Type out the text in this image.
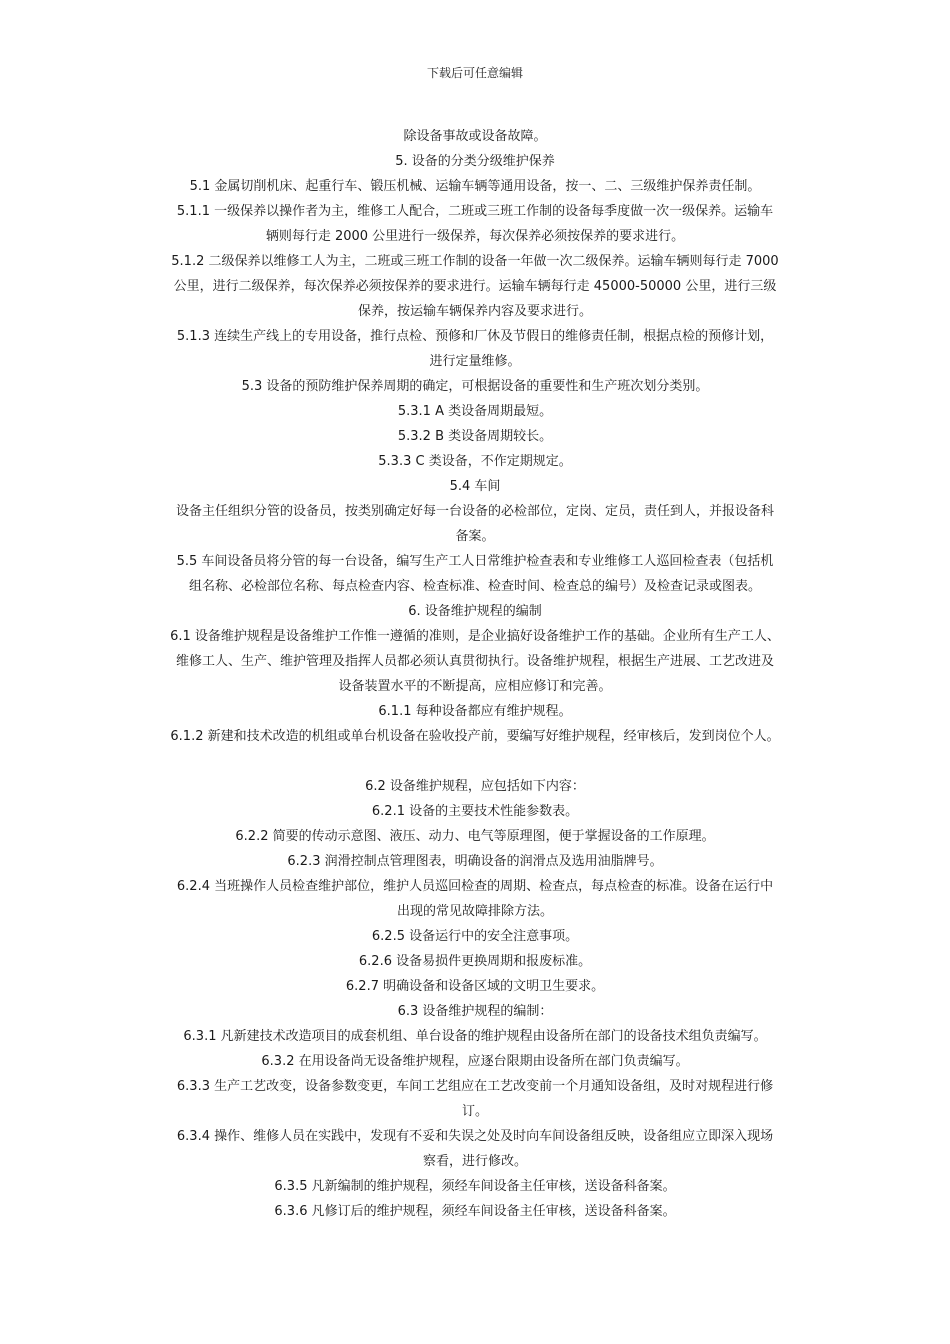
下载后可任意编辑
除设备事故或设备故障。
5. 设备的分类分级维护保养
5.1 金属切削机床、起重行车、锻压机械、运输车辆等通用设备，按一、二、三级维护保养责任制。
5.1.1 一级保养以操作者为主，维修工人配合，二班或三班工作制的设备每季度做一次一级保养。运输车
辆则每行走 2000 公里进行一级保养，每次保养必须按保养的要求进行。
5.1.2 二级保养以维修工人为主，二班或三班工作制的设备一年做一次二级保养。运输车辆则每行走 7000
公里，进行二级保养，每次保养必须按保养的要求进行。运输车辆每行走 45000-50000 公里，进行三级
保养，按运输车辆保养内容及要求进行。
5.1.3 连续生产线上的专用设备，推行点检、预修和厂休及节假日的维修责任制，根据点检的预修计划，
进行定量维修。
5.3 设备的预防维护保养周期的确定，可根据设备的重要性和生产班次划分类别。
5.3.1 A 类设备周期最短。
5.3.2 B 类设备周期较长。
5.3.3 C 类设备，不作定期规定。
5.4 车间
设备主任组织分管的设备员，按类别确定好每一台设备的必检部位，定岗、定员，责任到人，并报设备科
备案。
5.5 车间设备员将分管的每一台设备，编写生产工人日常维护检查表和专业维修工人巡回检查表（包括机
组名称、必检部位名称、每点检查内容、检查标准、检查时间、检查总的编号）及检查记录或图表。
6. 设备维护规程的编制
6.1 设备维护规程是设备维护工作惟一遵循的准则，是企业搞好设备维护工作的基础。企业所有生产工人、
维修工人、生产、维护管理及指挥人员都必须认真贯彻执行。设备维护规程，根据生产进展、工艺改进及
设备装置水平的不断提高，应相应修订和完善。
6.1.1 每种设备都应有维护规程。
6.1.2 新建和技术改造的机组或单台机设备在验收投产前，要编写好维护规程，经审核后，发到岗位个人。
6.2 设备维护规程，应包括如下内容：
6.2.1 设备的主要技术性能参数表。
6.2.2 简要的传动示意图、液压、动力、电气等原理图，便于掌握设备的工作原理。
6.2.3 润滑控制点管理图表，明确设备的润滑点及选用油脂牌号。
6.2.4 当班操作人员检查维护部位，维护人员巡回检查的周期、检查点，每点检查的标准。设备在运行中
出现的常见故障排除方法。
6.2.5 设备运行中的安全注意事项。
6.2.6 设备易损件更换周期和报废标准。
6.2.7 明确设备和设备区域的文明卫生要求。
6.3 设备维护规程的编制：
6.3.1 凡新建技术改造项目的成套机组、单台设备的维护规程由设备所在部门的设备技术组负责编写。
6.3.2 在用设备尚无设备维护规程，应逐台限期由设备所在部门负责编写。
6.3.3 生产工艺改变，设备参数变更，车间工艺组应在工艺改变前一个月通知设备组，及时对规程进行修
订。
6.3.4 操作、维修人员在实践中，发现有不妥和失误之处及时向车间设备组反映，设备组应立即深入现场
察看，进行修改。
6.3.5 凡新编制的维护规程，须经车间设备主任审核，送设备科备案。
6.3.6 凡修订后的维护规程，须经车间设备主任审核，送设备科备案。
